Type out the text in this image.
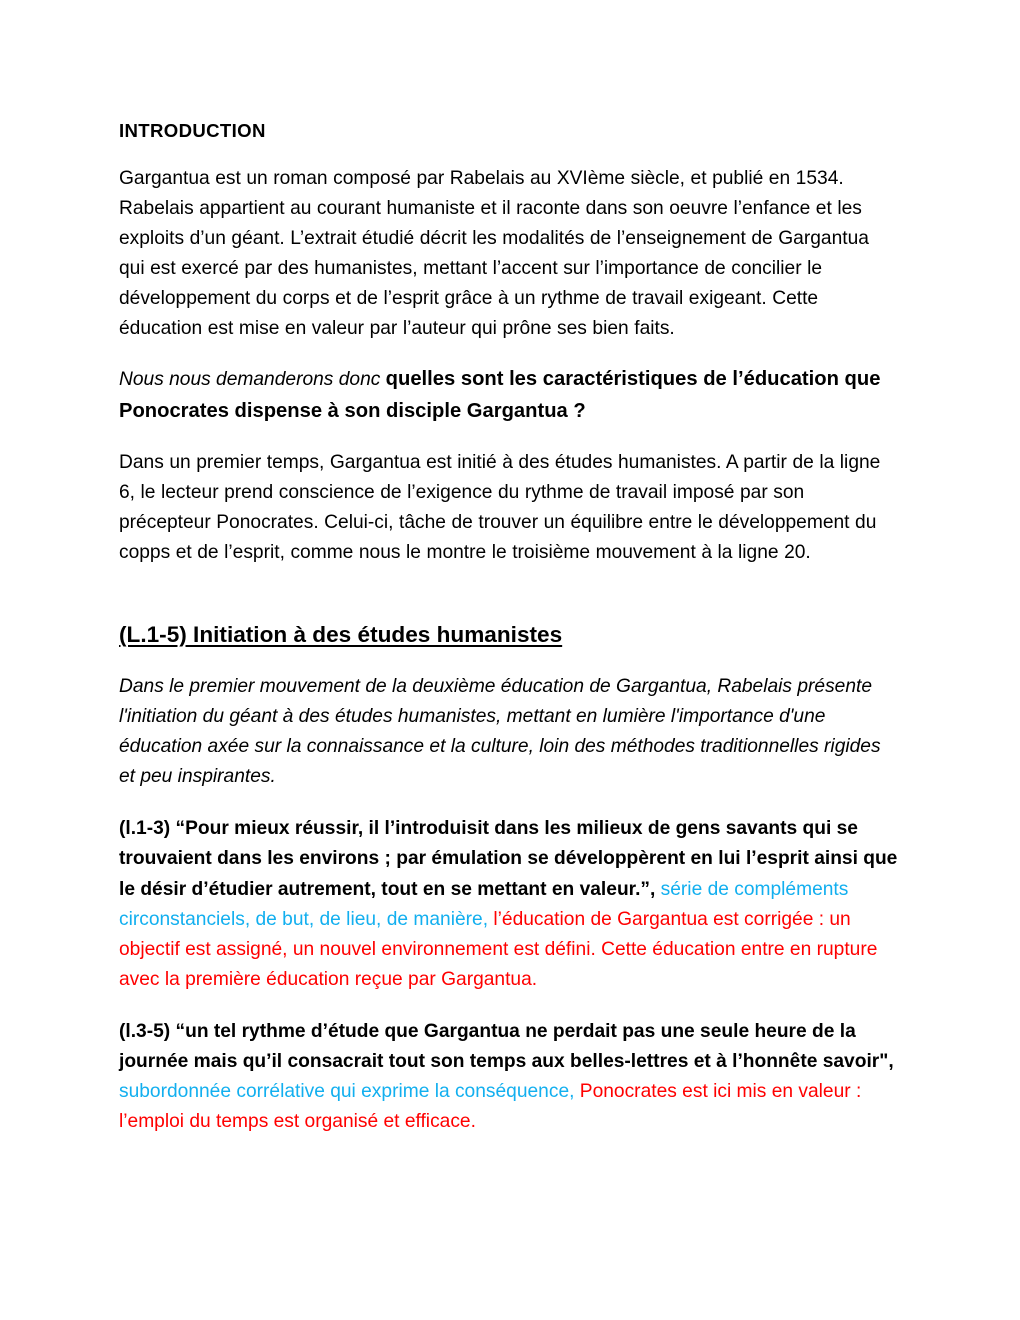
INTRODUCTION

Gargantua est un roman composé par Rabelais au XVIème siècle, et publié en 1534. Rabelais appartient au courant humaniste et il raconte dans son oeuvre l’enfance et les exploits d’un géant. L’extrait étudié décrit les modalités de l’enseignement de Gargantua qui est exercé par des humanistes, mettant l’accent sur l’importance de concilier le développement du corps et de l’esprit grâce à un rythme de travail exigeant. Cette éducation est mise en valeur par l’auteur qui prône ses bien faits.

Nous nous demanderons donc quelles sont les caractéristiques de l’éducation que Ponocrates dispense à son disciple Gargantua ?

Dans un premier temps, Gargantua est initié à des études humanistes. A partir de la ligne 6, le lecteur prend conscience de l’exigence du rythme de travail imposé par son précepteur Ponocrates. Celui-ci, tâche de trouver un équilibre entre le développement du copps et de l’esprit, comme nous le montre le troisième mouvement à la ligne 20.

(L.1-5) Initiation à des études humanistes

Dans le premier mouvement de la deuxième éducation de Gargantua, Rabelais présente l'initiation du géant à des études humanistes, mettant en lumière l'importance d'une éducation axée sur la connaissance et la culture, loin des méthodes traditionnelles rigides et peu inspirantes.

(l.1-3) “Pour mieux réussir, il l’introduisit dans les milieux de gens savants qui se trouvaient dans les environs ; par émulation se développèrent en lui l’esprit ainsi que le désir d’étudier autrement, tout en se mettant en valeur.”, série de compléments circonstanciels, de but, de lieu, de manière, l’éducation de Gargantua est corrigée : un objectif est assigné, un nouvel environnement est défini. Cette éducation entre en rupture avec la première éducation reçue par Gargantua.

(l.3-5) “un tel rythme d’étude que Gargantua ne perdait pas une seule heure de la journée mais qu’il consacrait tout son temps aux belles-lettres et à l’honnête savoir", subordonnée corrélative qui exprime la conséquence, Ponocrates est ici mis en valeur : l’emploi du temps est organisé et efficace.
